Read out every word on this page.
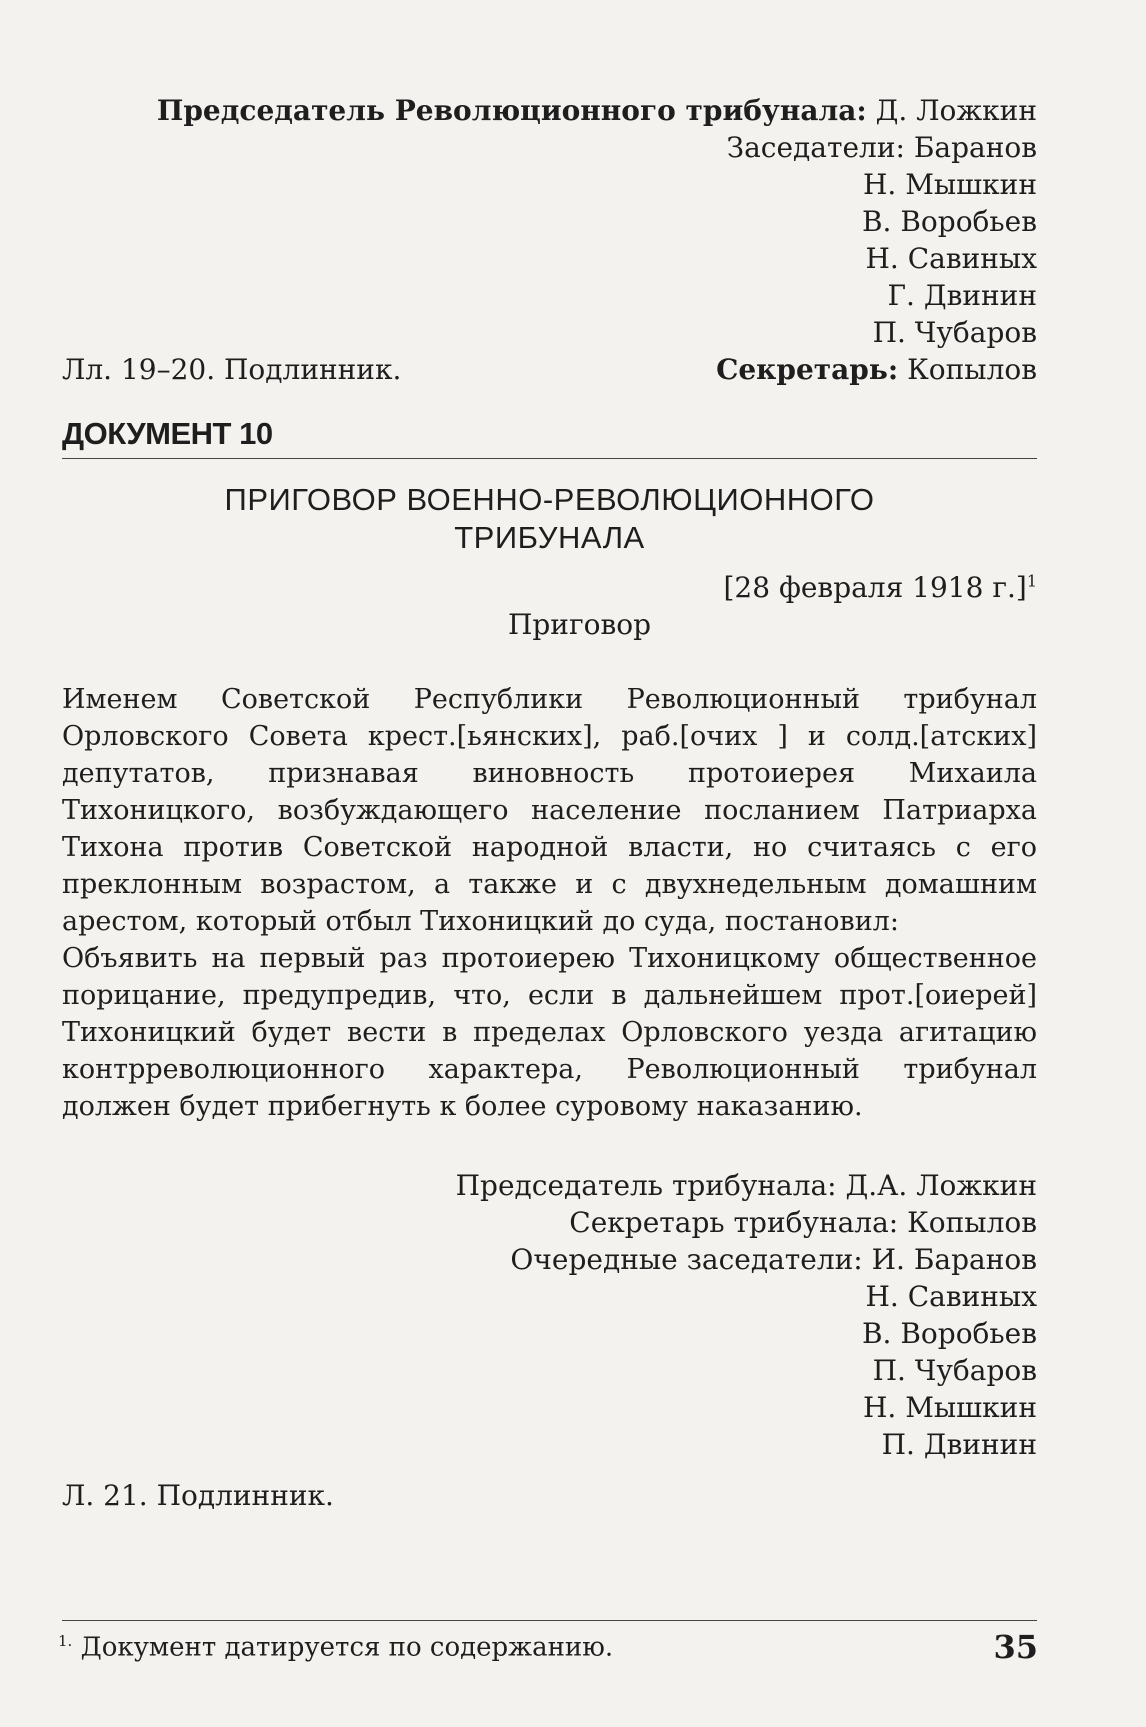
Председатель Революционного трибунала: Д. Ложкин
Заседатели: Баранов
Н. Мышкин
В. Воробьев
Н. Савиных
Г. Двинин
П. Чубаров
Секретарь: Копылов
Лл. 19–20. Подлинник.
ДОКУМЕНТ 10
ПРИГОВОР ВОЕННО-РЕВОЛЮЦИОННОГО
ТРИБУНАЛА
[28 февраля 1918 г.]$^1$
Приговор

Именем Советской Республики Революционный трибунал Орловского Совета крест.[ьянских], раб.[очих ] и солд.[атских] депутатов, признавая виновность протоиерея Михаила Тихоницкого, возбуждающего население посланием Патриарха Тихона против Советской народной власти, но считаясь с его преклонным возрастом, а также и с двухнедельным домашним арестом, который отбыл Тихоницкий до суда, постановил:

Объявить на первый раз протоиерею Тихоницкому общественное порицание, предупредив, что, если в дальнейшем прот.[оиерей] Тихоницкий будет вести в пределах Орловского уезда агитацию контрреволюционного характера, Революционный трибунал должен будет прибегнуть к более суровому наказанию.

Председатель трибунала: Д.А. Ложкин
Секретарь трибунала: Копылов
Очередные заседатели: И. Баранов
Н. Савиных
В. Воробьев
П. Чубаров
Н. Мышкин
П. Двинин
Л. 21. Подлинник.
$^{1.}$ Документ датируется по содержанию.	35
